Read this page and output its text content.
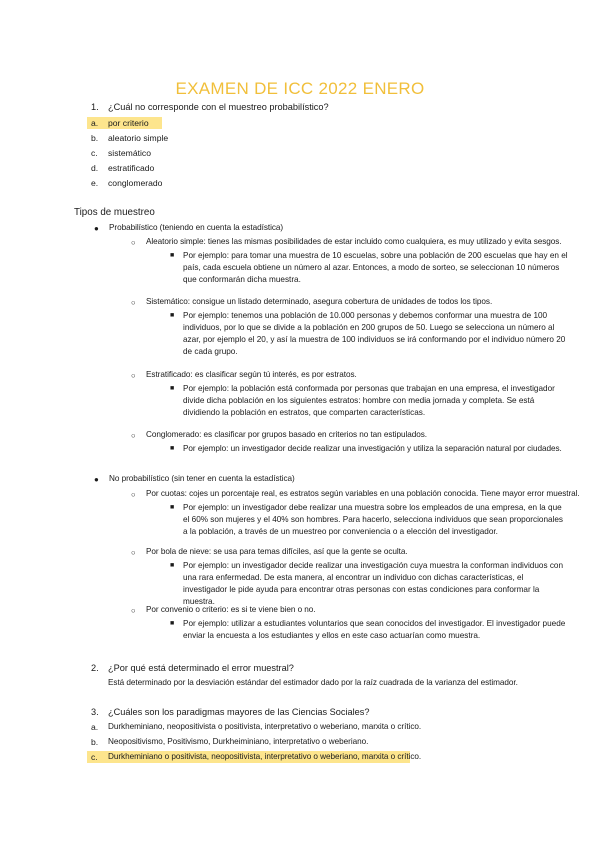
EXAMEN DE ICC 2022 ENERO
1. ¿Cuál no corresponde con el muestreo probabilístico?
a. por criterio
b. aleatorio simple
c. sistemático
d. estratificado
e. conglomerado
Tipos de muestreo
● Probabilístico (teniendo en cuenta la estadística)
○ Aleatorio simple: tienes las mismas posibilidades de estar incluido como cualquiera, es muy utilizado y evita sesgos.
■ Por ejemplo: para tomar una muestra de 10 escuelas, sobre una población de 200 escuelas que hay en el país, cada escuela obtiene un número al azar. Entonces, a modo de sorteo, se seleccionan 10 números que conformarán dicha muestra.
○ Sistemático: consigue un listado determinado, asegura cobertura de unidades de todos los tipos.
■ Por ejemplo: tenemos una población de 10.000 personas y debemos conformar una muestra de 100 individuos, por lo que se divide a la población en 200 grupos de 50. Luego se selecciona un número al azar, por ejemplo el 20, y así la muestra de 100 individuos se irá conformando por el individuo número 20 de cada grupo.
○ Estratificado: es clasificar según tú interés, es por estratos.
■ Por ejemplo: la población está conformada por personas que trabajan en una empresa, el investigador divide dicha población en los siguientes estratos: hombre con media jornada y completa. Se está dividiendo la población en estratos, que comparten características.
○ Conglomerado: es clasificar por grupos basado en criterios no tan estipulados.
■ Por ejemplo: un investigador decide realizar una investigación y utiliza la separación natural por ciudades.
● No probabilístico (sin tener en cuenta la estadística)
○ Por cuotas: cojes un porcentaje real, es estratos según variables en una población conocida. Tiene mayor error muestral.
■ Por ejemplo: un investigador debe realizar una muestra sobre los empleados de una empresa, en la que el 60% son mujeres y el 40% son hombres. Para hacerlo, selecciona individuos que sean proporcionales a la población, a través de un muestreo por conveniencia o a elección del investigador.
○ Por bola de nieve: se usa para temas difíciles, así que la gente se oculta.
■ Por ejemplo: un investigador decide realizar una investigación cuya muestra la conforman individuos con una rara enfermedad. De esta manera, al encontrar un individuo con dichas características, el investigador le pide ayuda para encontrar otras personas con estas condiciones para conformar la muestra.
○ Por convenio o criterio: es si te viene bien o no.
■ Por ejemplo: utilizar a estudiantes voluntarios que sean conocidos del investigador. El investigador puede enviar la encuesta a los estudiantes y ellos en este caso actuarían como muestra.
2. ¿Por qué está determinado el error muestral?
Está determinado por la desviación estándar del estimador dado por la raíz cuadrada de la varianza del estimador.
3. ¿Cuáles son los paradigmas mayores de las Ciencias Sociales?
a. Durkheminiano, neopositivista o positivista, interpretativo o weberiano, marxita o crítico.
b. Neopositivismo, Positivismo, Durkheiminiano, interpretativo o weberiano.
c. Durkheminiano o positivista, neopositivista, interpretativo o weberiano, marxita o crítico.
